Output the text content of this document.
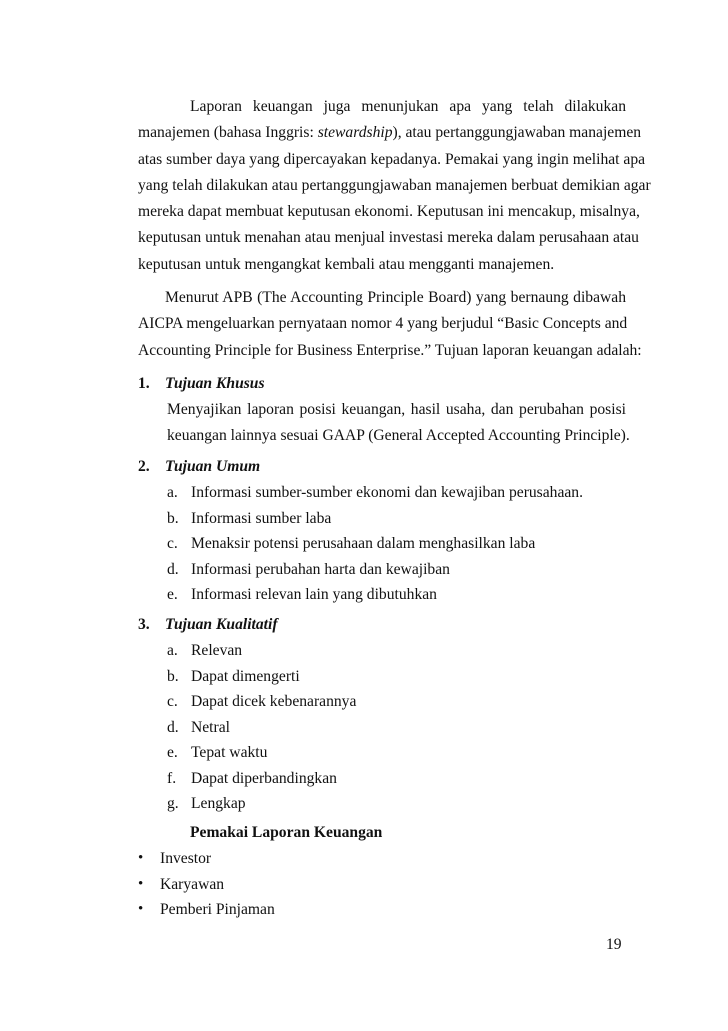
Laporan keuangan juga menunjukan apa yang telah dilakukan
manajemen (bahasa Inggris: stewardship), atau pertanggungjawaban manajemen
atas sumber daya yang dipercayakan kepadanya. Pemakai yang ingin melihat apa
yang telah dilakukan atau pertanggungjawaban manajemen berbuat demikian agar
mereka dapat membuat keputusan ekonomi. Keputusan ini mencakup, misalnya,
keputusan untuk menahan atau menjual investasi mereka dalam perusahaan atau
keputusan untuk mengangkat kembali atau mengganti manajemen.

Menurut APB (The Accounting Principle Board) yang bernaung dibawah
AICPA mengeluarkan pernyataan nomor 4 yang berjudul “Basic Concepts and
Accounting Principle for Business Enterprise.” Tujuan laporan keuangan adalah:

1. Tujuan Khusus
Menyajikan laporan posisi keuangan, hasil usaha, dan perubahan posisi
keuangan lainnya sesuai GAAP (General Accepted Accounting Principle).
2. Tujuan Umum
a. Informasi sumber-sumber ekonomi dan kewajiban perusahaan.
b. Informasi sumber laba
c. Menaksir potensi perusahaan dalam menghasilkan laba
d. Informasi perubahan harta dan kewajiban
e. Informasi relevan lain yang dibutuhkan
3. Tujuan Kualitatif
a. Relevan
b. Dapat dimengerti
c. Dapat dicek kebenarannya
d. Netral
e. Tepat waktu
f. Dapat diperbandingkan
g. Lengkap
Pemakai Laporan Keuangan
•	Investor
•	Karyawan
•	Pemberi Pinjaman
19
